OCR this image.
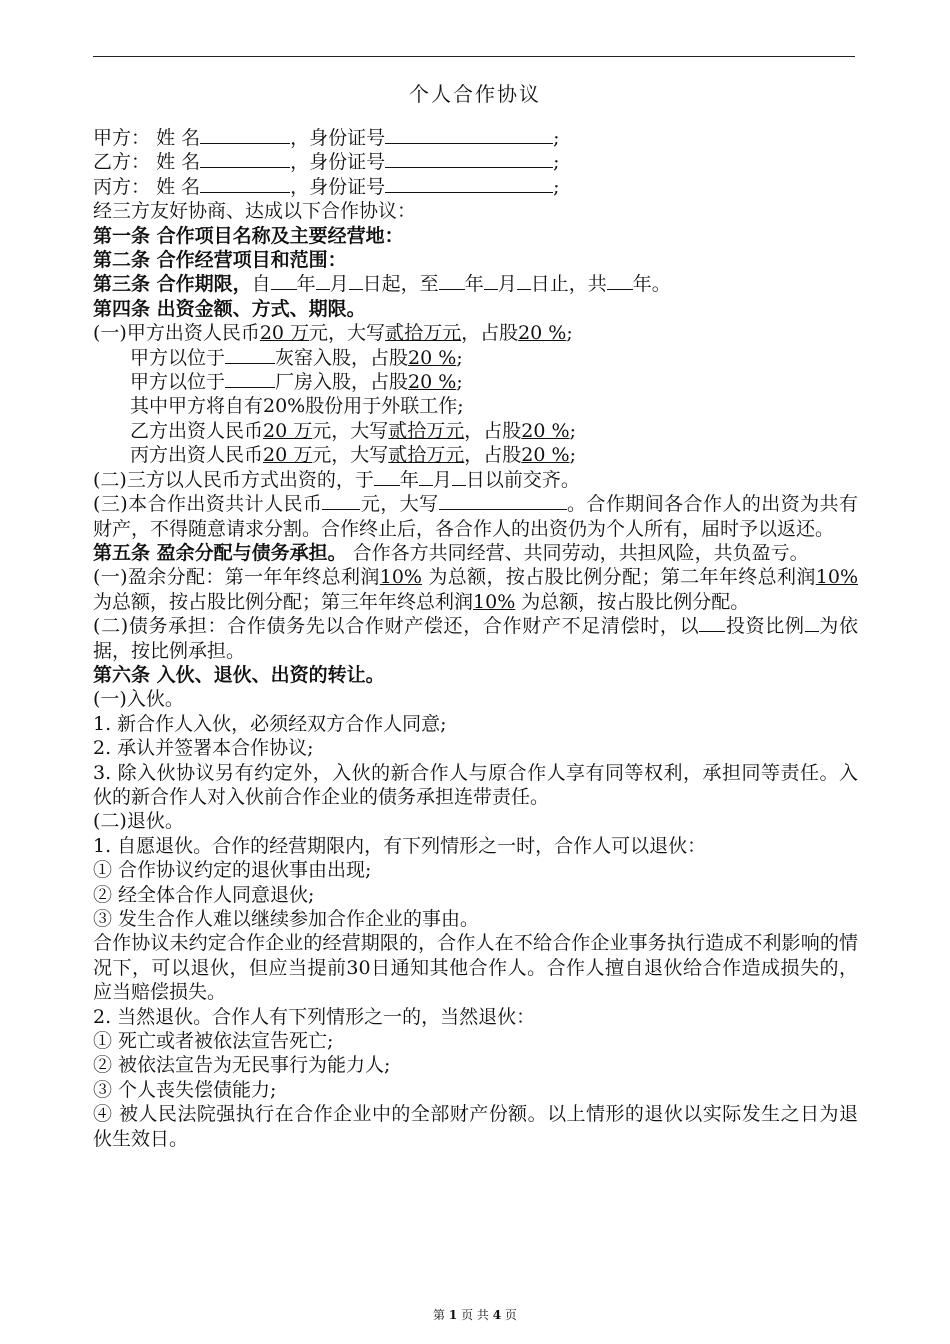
个人合作协议

甲方： 姓 名	，身份证号	;

乙方： 姓 名	，身份证号	;

丙方： 姓 名	，身份证号	;

经三方友好协商、达成以下合作协议：

第一条 合作项目名称及主要经营地：

第二条 合作经营项目和范围：

第三条 合作期限，自 年 月 日起，至 年 月 日止，共 年。

第四条 出资金额、方式、期限。

(一)甲方出资人民币20 万元，大写贰拾万元，占股20 %;

甲方以位于	灰窑入股，占股20 %;

甲方以位于	厂房入股，占股20 %;

其中甲方将自有20%股份用于外联工作;

乙方出资人民币20 万元，大写贰拾万元，占股20 %;

丙方出资人民币20 万元，大写贰拾万元，占股20 %;

(二)三方以人民币方式出资的，于 年 月 日以前交齐。

(三)本合作出资共计人民币 元，大写	。合作期间各合作人的出资为共有财产，不得随意请求分割。合作终止后，各合作人的出资仍为个人所有，届时予以返还。

第五条 盈余分配与债务承担。 合作各方共同经营、共同劳动，共担风险，共负盈亏。

(一)盈余分配：第一年年终总利润10% 为总额，按占股比例分配；第二年年终总利润10% 为总额，按占股比例分配；第三年年终总利润10% 为总额，按占股比例分配。

(二)债务承担：合作债务先以合作财产偿还，合作财产不足清偿时，以 投资比例 为依据，按比例承担。

第六条 入伙、退伙、出资的转让。

(一)入伙。

1. 新合作人入伙，必须经双方合作人同意;

2. 承认并签署本合作协议;

3. 除入伙协议另有约定外，入伙的新合作人与原合作人享有同等权利，承担同等责任。入伙的新合作人对入伙前合作企业的债务承担连带责任。

(二)退伙。

1. 自愿退伙。合作的经营期限内，有下列情形之一时，合作人可以退伙：

① 合作协议约定的退伙事由出现;

② 经全体合作人同意退伙;

③ 发生合作人难以继续参加合作企业的事由。

合作协议未约定合作企业的经营期限的，合作人在不给合作企业事务执行造成不利影响的情况下，可以退伙，但应当提前30日通知其他合作人。合作人擅自退伙给合作造成损失的，应当赔偿损失。

2. 当然退伙。合作人有下列情形之一的，当然退伙：

① 死亡或者被依法宣告死亡;

② 被依法宣告为无民事行为能力人;

③ 个人丧失偿债能力;

④ 被人民法院强执行在合作企业中的全部财产份额。以上情形的退伙以实际发生之日为退伙生效日。

第 1 页 共 4 页
